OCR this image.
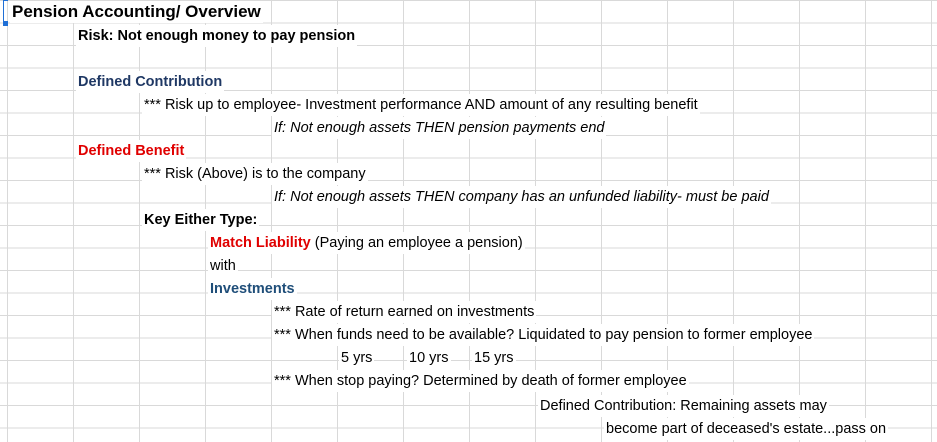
Pension Accounting/ Overview
Risk: Not enough money to pay pension
Defined Contribution
*** Risk up to employee- Investment performance AND amount of any resulting benefit
If: Not enough assets THEN pension payments end
Defined Benefit
*** Risk (Above) is to the company
If: Not enough assets THEN company has an unfunded liability- must be paid
Key Either Type:
Match Liability (Paying an employee a pension)
with
Investments
*** Rate of return earned on investments
*** When funds need to be available? Liquidated to pay pension to former employee
5 yrs	10 yrs 15 yrs
*** When stop paying? Determined by death of former employee
Defined Contribution: Remaining assets may
become part of deceased's estate...pass on
